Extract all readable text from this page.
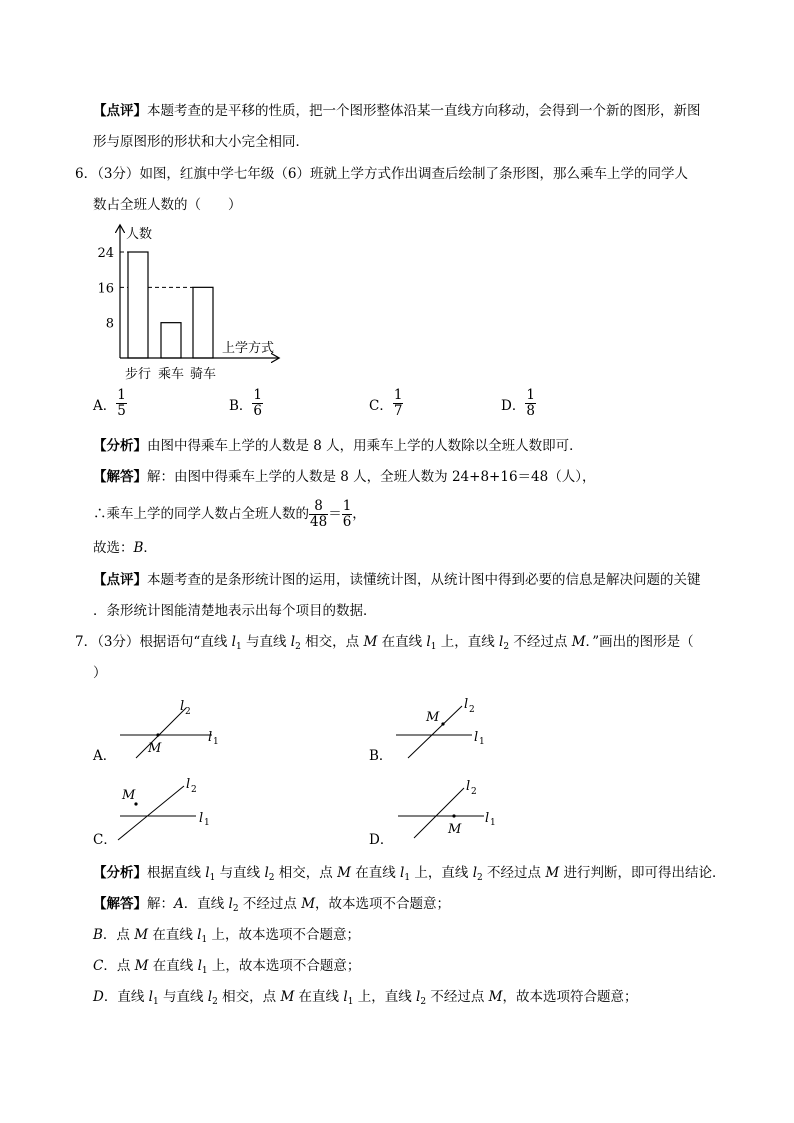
【点评】本题考查的是平移的性质，把一个图形整体沿某一直线方向移动，会得到一个新的图形，新图
形与原图形的形状和大小完全相同．
6．（3分）如图，红旗中学七年级（6）班就上学方式作出调查后绘制了条形图，那么乘车上学的同学人
数占全班人数的（　　）
人数
上学方式
8
16
24
步行 乘车 骑车
A． $\frac{1}{5}$	B． $\frac{1}{6}$	C． $\frac{1}{7}$	D． $\frac{1}{8}$
【分析】由图中得乘车上学的人数是 8 人，用乘车上学的人数除以全班人数即可．
【解答】解：由图中得乘车上学的人数是 8 人，全班人数为 24+8+16＝48（人），
∴乘车上学的同学人数占全班人数的 $\frac{8}{48} = \frac{1}{6}$ ，
故选：B．
【点评】本题考查的是条形统计图的运用，读懂统计图，从统计图中得到必要的信息是解决问题的关键
．条形统计图能清楚地表示出每个项目的数据．
7．（3分）根据语句“直线 $l_1$ 与直线 $l_2$ 相交，点 M 在直线 $l_1$ 上，直线 $l_2$ 不经过点 M．”画出的图形是（
）
A．	B．
C．	D．
l 2
l 1
M
l 2
l 1
M
l 2
l 1
M
l 2
l 1
M
【分析】根据直线 $l_1$ 与直线 $l_2$ 相交，点 M 在直线 $l_1$ 上，直线 $l_2$ 不经过点 M 进行判断，即可得出结论．
【解答】解：A．直线 $l_2$ 不经过点 M，故本选项不合题意；
B．点 M 在直线 $l_1$ 上，故本选项不合题意；
C．点 M 在直线 $l_1$ 上，故本选项不合题意；
D．直线 $l_1$ 与直线 $l_2$ 相交，点 M 在直线 $l_1$ 上，直线 $l_2$ 不经过点 M，故本选项符合题意；
